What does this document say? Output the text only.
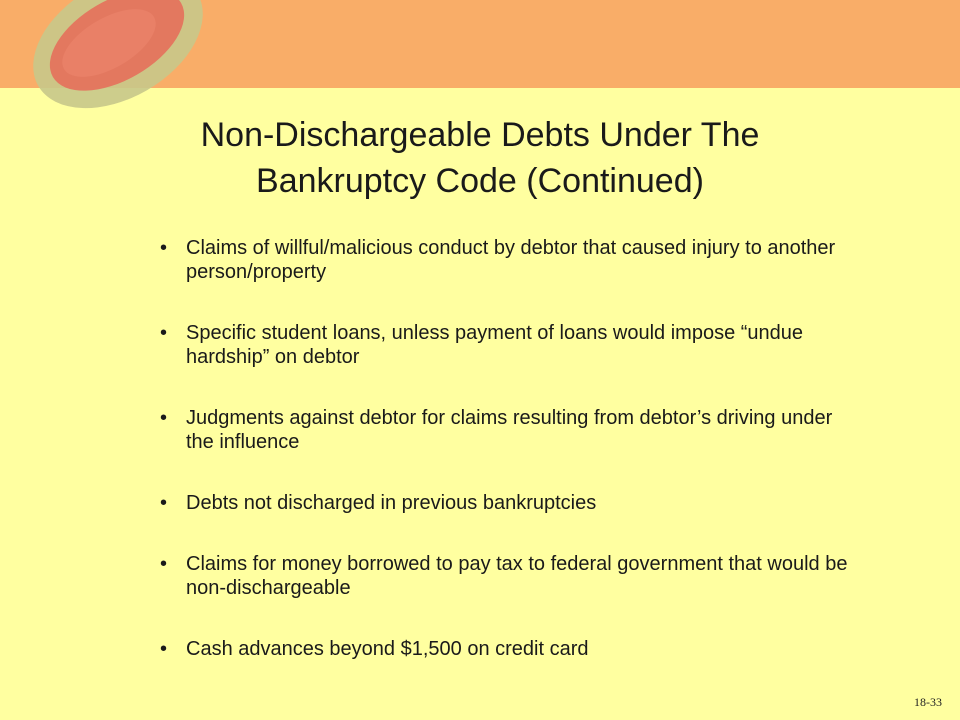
Non-Dischargeable Debts Under The
Bankruptcy Code (Continued)
• Claims of willful/malicious conduct by debtor that caused injury to another person/property
• Specific student loans, unless payment of loans would impose “undue hardship” on debtor
• Judgments against debtor for claims resulting from debtor’s driving under the influence
• Debts not discharged in previous bankruptcies
• Claims for money borrowed to pay tax to federal government that would be non-dischargeable
• Cash advances beyond $1,500 on credit card
18-33
